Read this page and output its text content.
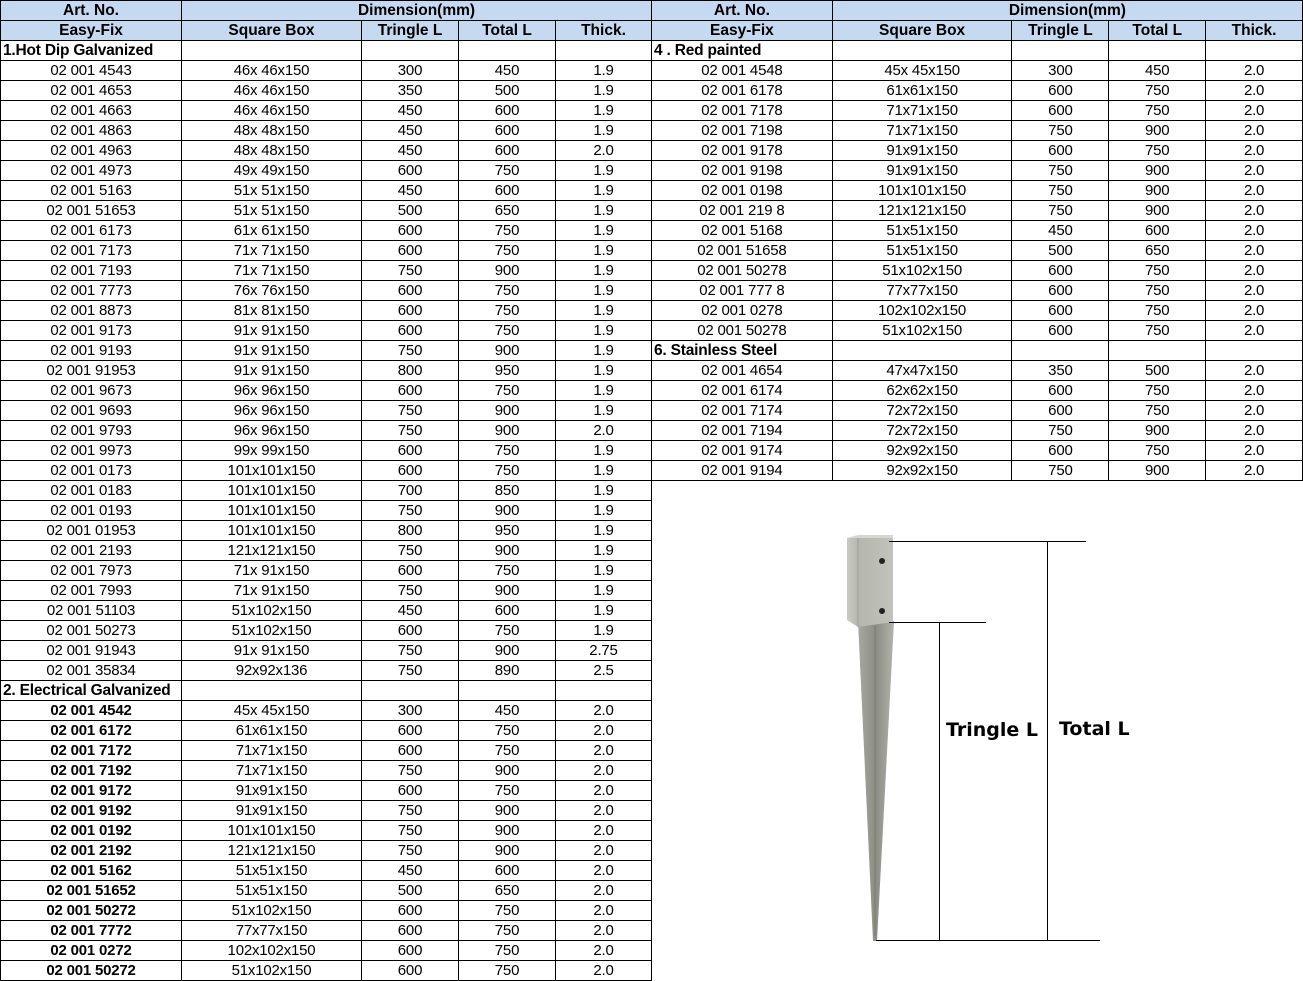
Art. No.	Dimension(mm)			
Easy-Fix	Square Box	Tringle L	Total L	Thick.
1.Hot Dip Galvanized				
02 001 4543	46x 46x150	300	450	1.9
02 001 4653	46x 46x150	350	500	1.9
02 001 4663	46x 46x150	450	600	1.9
02 001 4863	48x 48x150	450	600	1.9
02 001 4963	48x 48x150	450	600	2.0
02 001 4973	49x 49x150	600	750	1.9
02 001 5163	51x 51x150	450	600	1.9
02 001 51653	51x 51x150	500	650	1.9
02 001 6173	61x 61x150	600	750	1.9
02 001 7173	71x 71x150	600	750	1.9
02 001 7193	71x 71x150	750	900	1.9
02 001 7773	76x 76x150	600	750	1.9
02 001 8873	81x 81x150	600	750	1.9
02 001 9173	91x 91x150	600	750	1.9
02 001 9193	91x 91x150	750	900	1.9
02 001 91953	91x 91x150	800	950	1.9
02 001 9673	96x 96x150	600	750	1.9
02 001 9693	96x 96x150	750	900	1.9
02 001 9793	96x 96x150	750	900	2.0
02 001 9973	99x 99x150	600	750	1.9
02 001 0173	101x101x150	600	750	1.9
02 001 0183	101x101x150	700	850	1.9
02 001 0193	101x101x150	750	900	1.9
02 001 01953	101x101x150	800	950	1.9
02 001 2193	121x121x150	750	900	1.9
02 001 7973	71x 91x150	600	750	1.9
02 001 7993	71x 91x150	750	900	1.9
02 001 51103	51x102x150	450	600	1.9
02 001 50273	51x102x150	600	750	1.9
02 001 91943	91x 91x150	750	900	2.75
02 001 35834	92x92x136	750	890	2.5
2. Electrical Galvanized				
02 001 4542	45x 45x150	300	450	2.0
02 001 6172	61x61x150	600	750	2.0
02 001 7172	71x71x150	600	750	2.0
02 001 7192	71x71x150	750	900	2.0
02 001 9172	91x91x150	600	750	2.0
02 001 9192	91x91x150	750	900	2.0
02 001 0192	101x101x150	750	900	2.0
02 001 2192	121x121x150	750	900	2.0
02 001 5162	51x51x150	450	600	2.0
02 001 51652	51x51x150	500	650	2.0
02 001 50272	51x102x150	600	750	2.0
02 001 7772	77x77x150	600	750	2.0
02 001 0272	102x102x150	600	750	2.0
02 001 50272	51x102x150	600	750	2.0
Art. No.	Dimension(mm)			
Easy-Fix	Square Box	Tringle L	Total L	Thick.
4 . Red painted				
02 001 4548	45x 45x150	300	450	2.0
02 001 6178	61x61x150	600	750	2.0
02 001 7178	71x71x150	600	750	2.0
02 001 7198	71x71x150	750	900	2.0
02 001 9178	91x91x150	600	750	2.0
02 001 9198	91x91x150	750	900	2.0
02 001 0198	101x101x150	750	900	2.0
02 001 219 8	121x121x150	750	900	2.0
02 001 5168	51x51x150	450	600	2.0
02 001 51658	51x51x150	500	650	2.0
02 001 50278	51x102x150	600	750	2.0
02 001 777 8	77x77x150	600	750	2.0
02 001 0278	102x102x150	600	750	2.0
02 001 50278	51x102x150	600	750	2.0
6. Stainless Steel				
02 001 4654	47x47x150	350	500	2.0
02 001 6174	62x62x150	600	750	2.0
02 001 7174	72x72x150	600	750	2.0
02 001 7194	72x72x150	750	900	2.0
02 001 9174	92x92x150	600	750	2.0
02 001 9194	92x92x150	750	900	2.0
Tringle L Total L
